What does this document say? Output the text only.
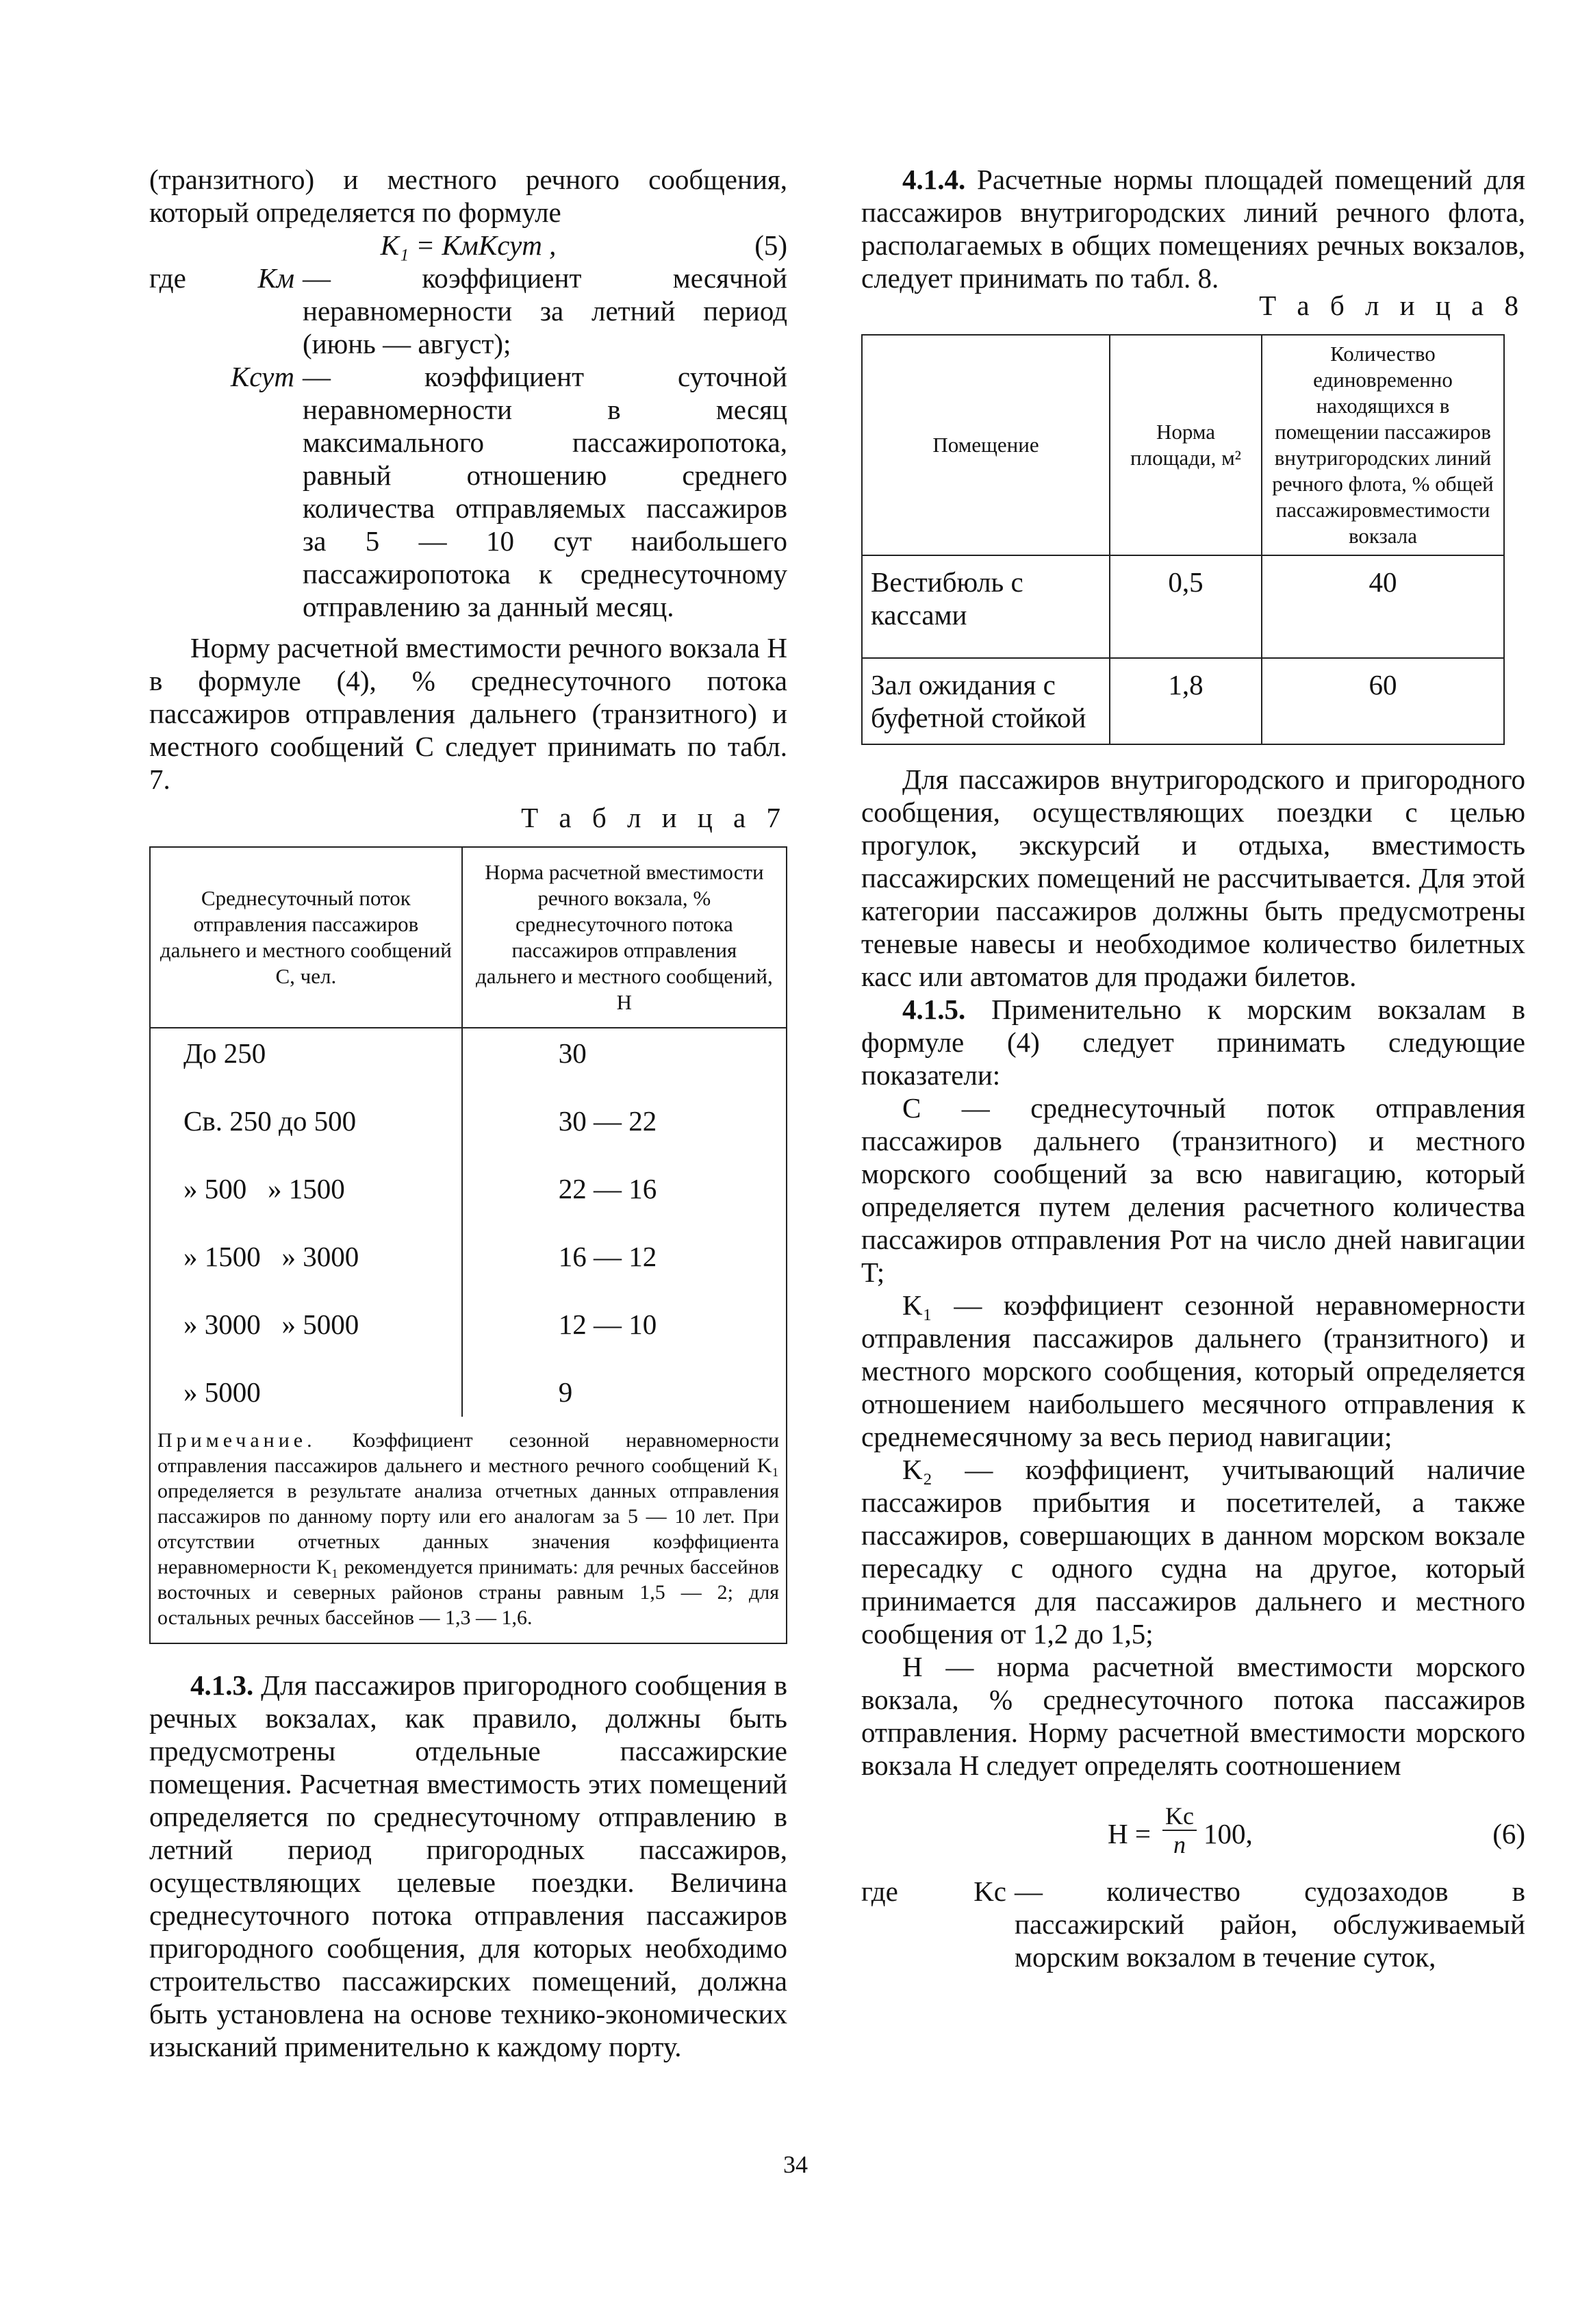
(транзитного) и местного речного сообщения, который определяется по формуле

K₁ = KмKсут ,	(5)
где	Kм — коэффициент месячной неравномерности за летний период (июнь — август);
Kсут — коэффициент суточной неравномерности в месяц максимального пассажиропотока, равный отношению среднего количества отправляемых пассажиров за 5 — 10 сут наибольшего пассажиропотока к среднесуточному отправлению за данный месяц.

Норму расчетной вместимости речного вокзала Н в формуле (4), % среднесуточного потока пассажиров отправления дальнего (транзитного) и местного сообщений С следует принимать по табл. 7.

Т а б л и ц а 7
Среднесуточный поток отправления пассажиров дальнего и местного сообщений С, чел.	Норма расчетной вместимости речного вокзала, % среднесуточного потока пассажиров отправления дальнего и местного сообщений, Н
До 250	30
Св. 250 до 500	30 — 22
» 500   » 1500	22 — 16
» 1500   » 3000	16 — 12
» 3000   » 5000	12 — 10
» 5000	9
Примечание. Коэффициент сезонной неравномерности отправления пассажиров дальнего и местного речного сообщений K₁ определяется в результате анализа отчетных данных отправления пассажиров по данному порту или его аналогам за 5 — 10 лет. При отсутствии отчетных данных значения коэффициента неравномерности K₁ рекомендуется принимать: для речных бассейнов восточных и северных районов страны равным 1,5 — 2; для остальных речных бассейнов — 1,3 — 1,6.	

4.1.3. Для пассажиров пригородного сообщения в речных вокзалах, как правило, должны быть предусмотрены отдельные пассажирские помещения. Расчетная вместимость этих помещений определяется по среднесуточному отправлению в летний период пригородных пассажиров, осуществляющих целевые поездки. Величина среднесуточного потока отправления пассажиров пригородного сообщения, для которых необходимо строительство пассажирских помещений, должна быть установлена на основе технико-экономических изысканий применительно к каждому порту.

4.1.4. Расчетные нормы площадей помещений для пассажиров внутригородских линий речного флота, располагаемых в общих помещениях речных вокзалов, следует принимать по табл. 8.

Т а б л и ц а 8
Помещение	Норма площади, м²	Количество единовременно находящихся в помещении пассажиров внутригородских линий речного флота, % общей пассажировместимости вокзала
Вестибюль с кассами	0,5	40
Зал ожидания с буфетной стойкой	1,8	60

Для пассажиров внутригородского и пригородного сообщения, осуществляющих поездки с целью прогулок, экскурсий и отдыха, вместимость пассажирских помещений не рассчитывается. Для этой категории пассажиров должны быть предусмотрены теневые навесы и необходимое количество билетных касс или автоматов для продажи билетов.

4.1.5. Применительно к морским вокзалам в формуле (4) следует принимать следующие показатели:

С — среднесуточный поток отправления пассажиров дальнего (транзитного) и местного морского сообщений за всю навигацию, который определяется путем деления расчетного количества пассажиров отправления Pот на число дней навигации T;

K₁ — коэффициент сезонной неравномерности отправления пассажиров дальнего (транзитного) и местного морского сообщения, который определяется отношением наибольшего месячного отправления к среднемесячному за весь период навигации;

K₂ — коэффициент, учитывающий наличие пассажиров прибытия и посетителей, а также пассажиров, совершающих в данном морском вокзале пересадку с одного судна на другое, который принимается для пассажиров дальнего и местного сообщения от 1,2 до 1,5;

Н — норма расчетной вместимости морского вокзала, % среднесуточного потока пассажиров отправления. Норму расчетной вместимости морского вокзала Н следует определять соотношением

Н =
Kс
n 100,	(6)
где	Kс — количество судозаходов в пассажирский район, обслуживаемый морским вокзалом в течение суток,
34
